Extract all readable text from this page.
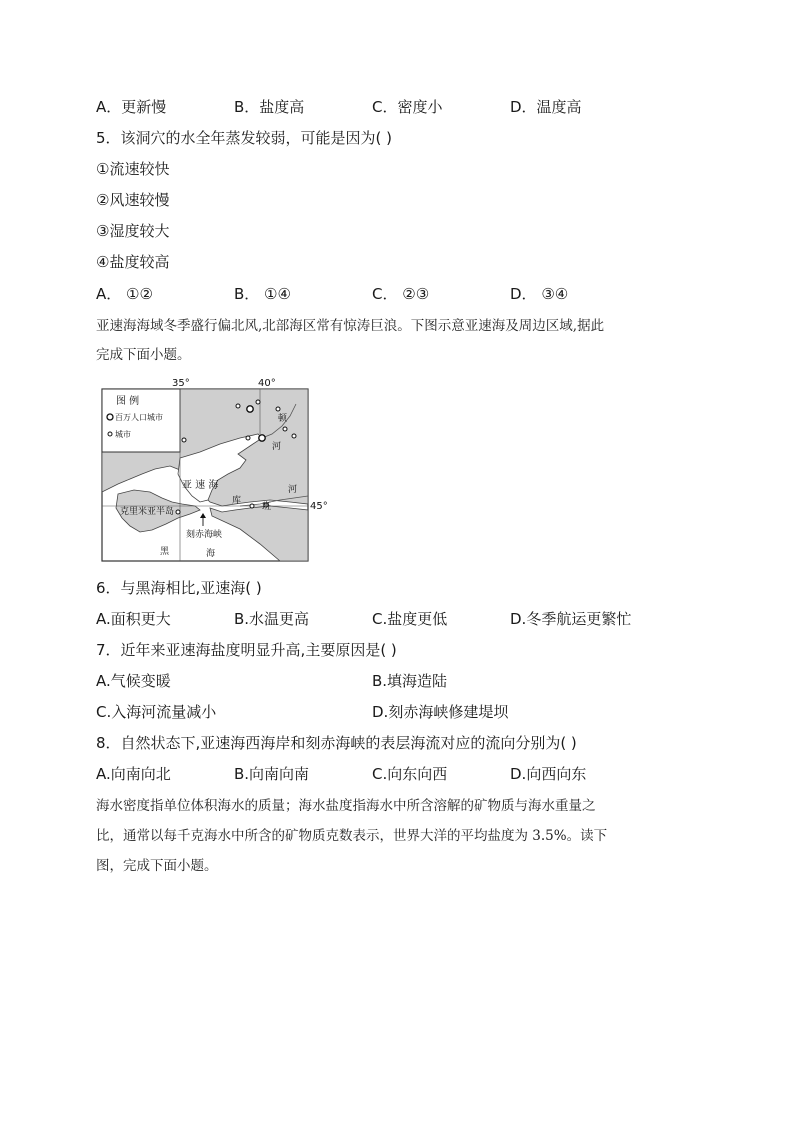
A．更新慢	B．盐度高	C．密度小	D．温度高
5．该洞穴的水全年蒸发较弱，可能是因为( )
①流速较快
②风速较慢
③湿度较大
④盐度较高
A． ①②	B． ①④	C． ②③	D． ③④
亚速海海域冬季盛行偏北风,北部海区常有惊涛巨浪。下图示意亚速海及周边区域,据此
完成下面小题。
图 例
百万人口城市
城市
35°	40°
45°
顿
河
亚 速 海
库
班
河
克里米亚半岛
刻赤海峡
黑	海
6．与黑海相比,亚速海( )
A.面积更大	B.水温更高	C.盐度更低	D.冬季航运更繁忙
7．近年来亚速海盐度明显升高,主要原因是( )
A.气候变暖	B.填海造陆
C.入海河流量减小	D.刻赤海峡修建堤坝
8．自然状态下,亚速海西海岸和刻赤海峡的表层海流对应的流向分别为( )
A.向南向北	B.向南向南	C.向东向西	D.向西向东
海水密度指单位体积海水的质量；海水盐度指海水中所含溶解的矿物质与海水重量之
比，通常以每千克海水中所含的矿物质克数表示，世界大洋的平均盐度为 3.5%。读下
图，完成下面小题。
